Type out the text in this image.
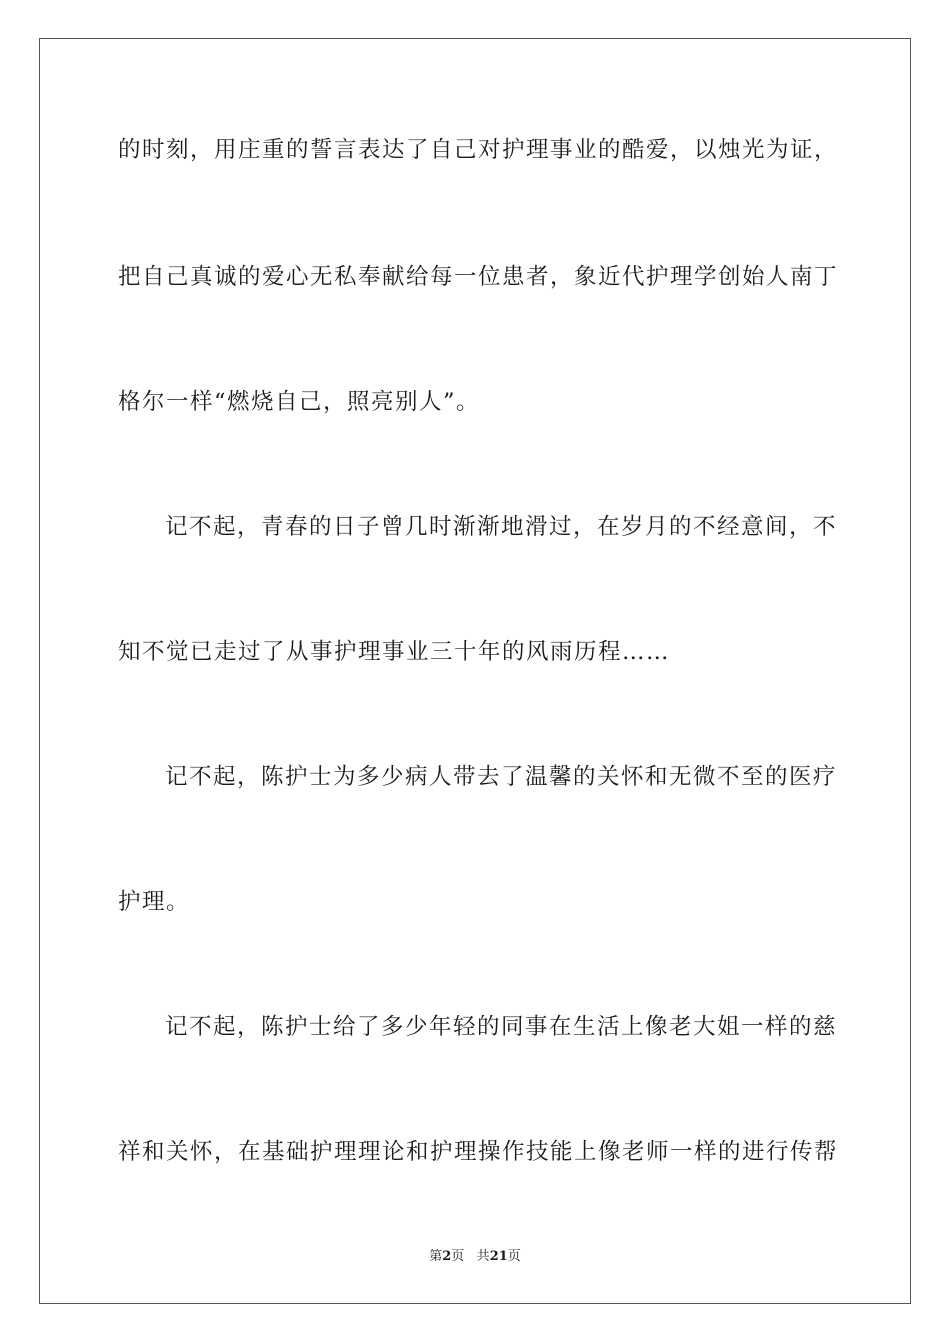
的时刻，用庄重的誓言表达了自己对护理事业的酷爱，以烛光为证，
把自己真诚的爱心无私奉献给每一位患者，象近代护理学创始人南丁
格尔一样“燃烧自己，照亮别人”。
记不起，青春的日子曾几时渐渐地滑过，在岁月的不经意间，不
知不觉已走过了从事护理事业三十年的风雨历程……
记不起，陈护士为多少病人带去了温馨的关怀和无微不至的医疗
护理。
记不起，陈护士给了多少年轻的同事在生活上像老大姐一样的慈
祥和关怀，在基础护理理论和护理操作技能上像老师一样的进行传帮
第2页 共21页
